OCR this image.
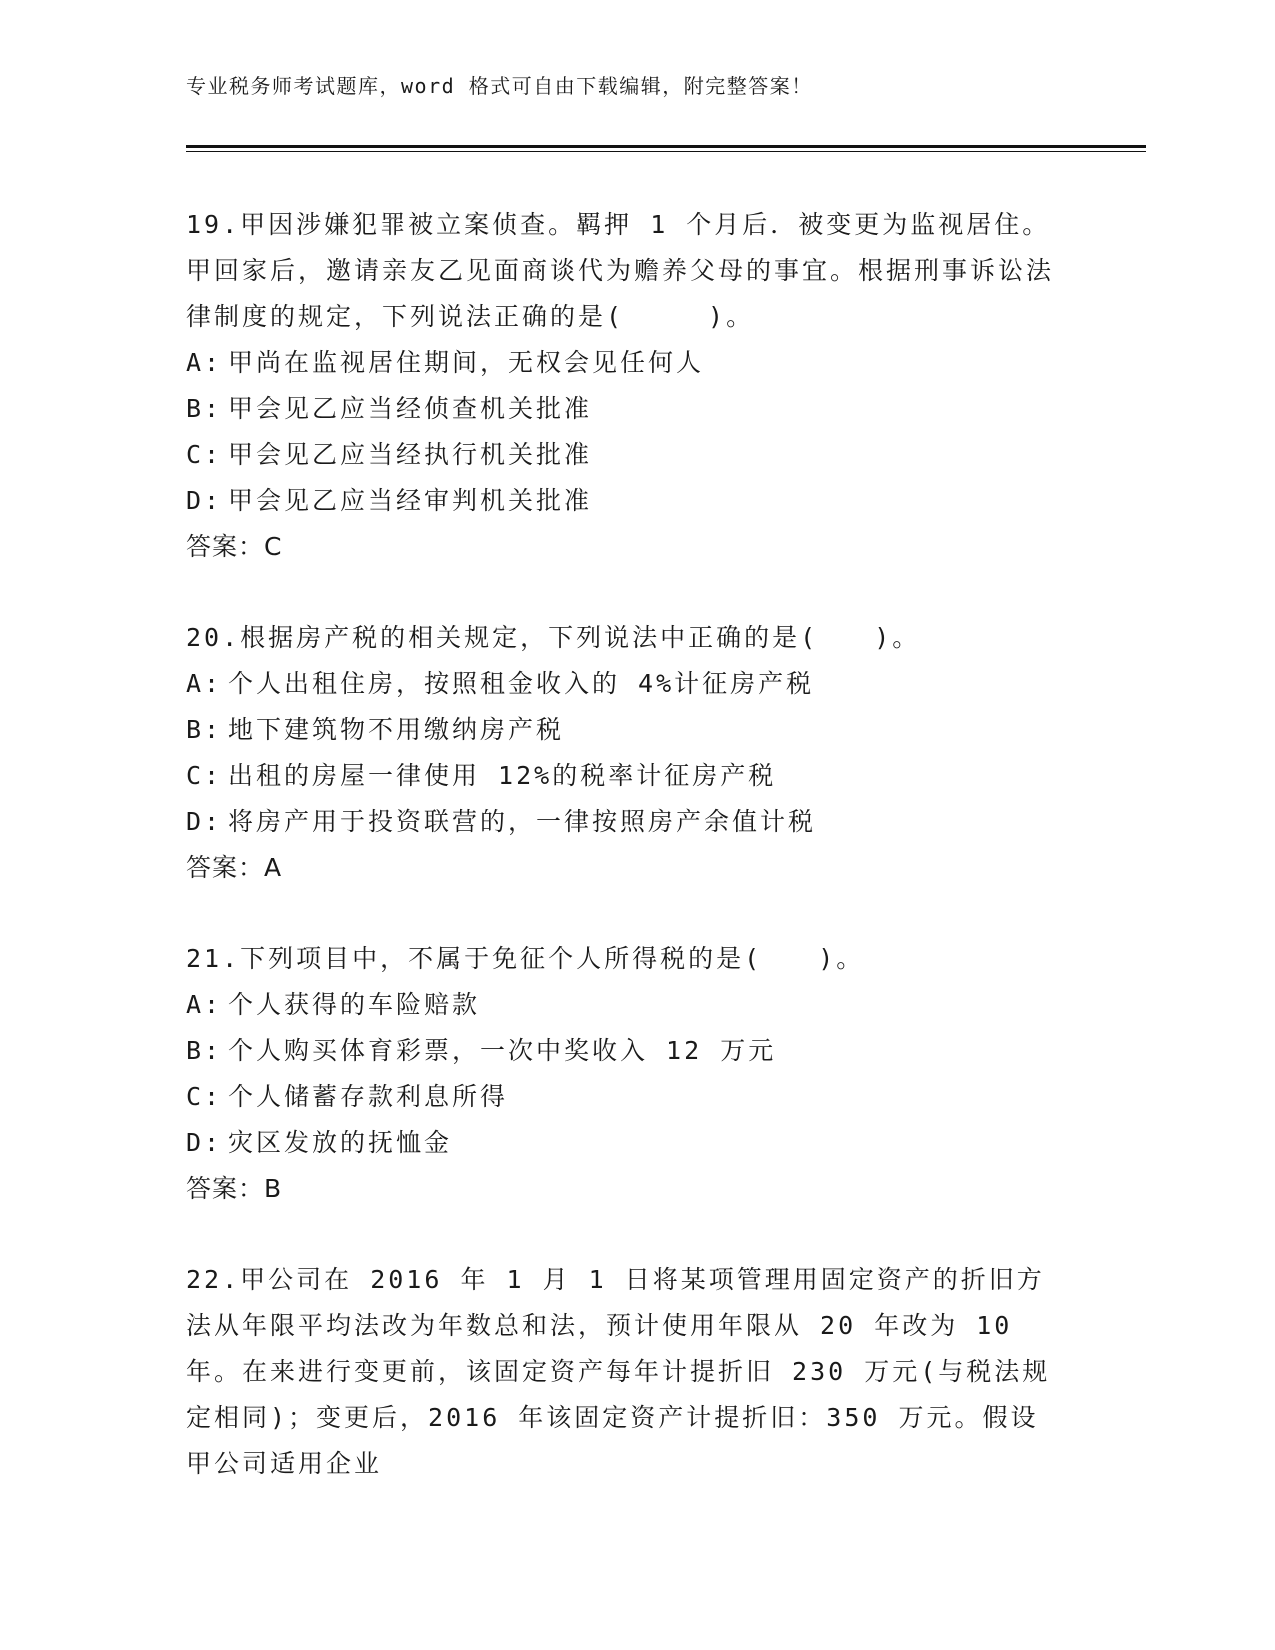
专业税务师考试题库，word 格式可自由下载编辑，附完整答案！

19.甲因涉嫌犯罪被立案侦查。羁押 1 个月后．被变更为监视居住。甲回家后，邀请亲友乙见面商谈代为赡养父母的事宜。根据刑事诉讼法律制度的规定，下列说法正确的是(　　　)。

A: 甲尚在监视居住期间，无权会见任何人

B: 甲会见乙应当经侦查机关批准

C: 甲会见乙应当经执行机关批准

D: 甲会见乙应当经审判机关批准

答案：C

20.根据房产税的相关规定，下列说法中正确的是(　　)。

A: 个人出租住房，按照租金收入的 4%计征房产税

B: 地下建筑物不用缴纳房产税

C: 出租的房屋一律使用 12%的税率计征房产税

D: 将房产用于投资联营的，一律按照房产余值计税

答案：A

21.下列项目中，不属于免征个人所得税的是(　　)。

A: 个人获得的车险赔款

B: 个人购买体育彩票，一次中奖收入 12 万元

C: 个人储蓄存款利息所得

D: 灾区发放的抚恤金

答案：B

22.甲公司在 2016 年 1 月 1 日将某项管理用固定资产的折旧方法从年限平均法改为年数总和法，预计使用年限从 20 年改为 10 年。在来进行变更前，该固定资产每年计提折旧 230 万元(与税法规定相同)；变更后，2016 年该固定资产计提折旧：350 万元。假设甲公司适用企业
